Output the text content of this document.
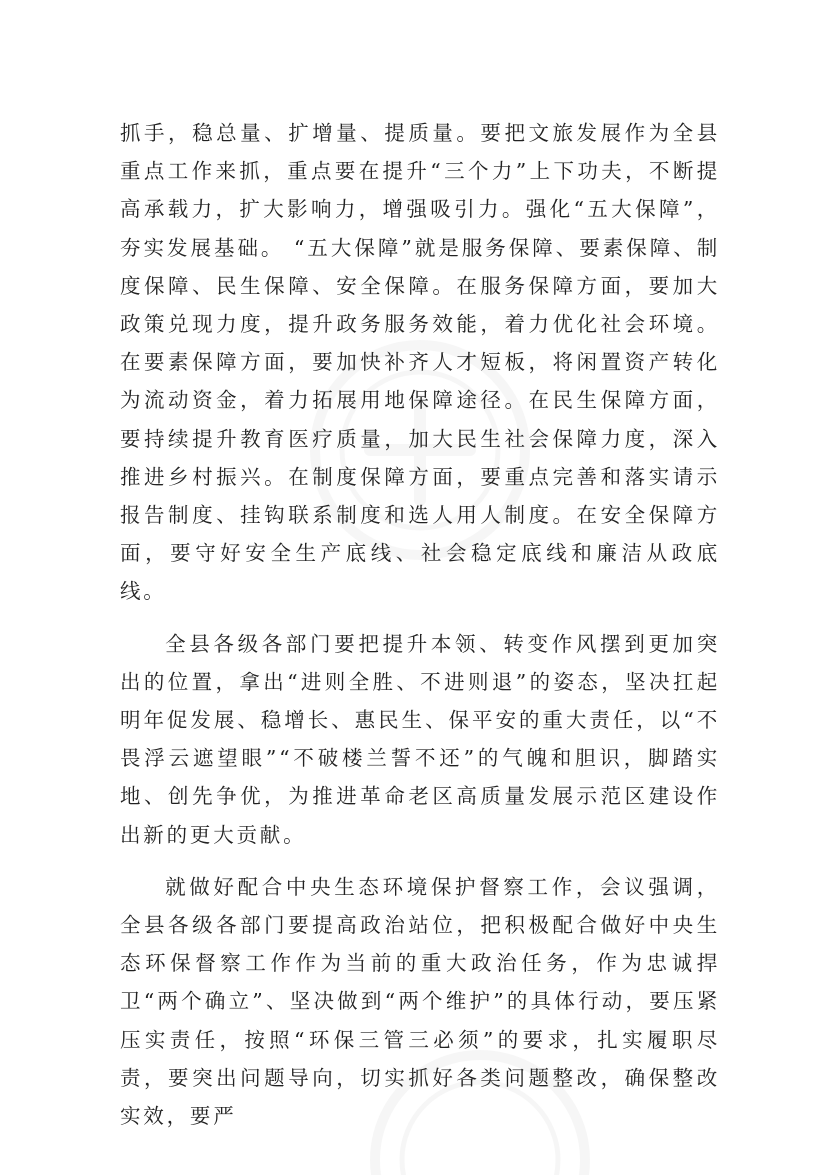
抓手，稳总量、扩增量、提质量。要把文旅发展作为全县重点工作来抓，重点要在提升“三个力”上下功夫，不断提高承载力，扩大影响力，增强吸引力。强化“五大保障”，夯实发展基础。 “五大保障”就是服务保障、要素保障、制度保障、民生保障、安全保障。在服务保障方面，要加大政策兑现力度，提升政务服务效能，着力优化社会环境。在要素保障方面，要加快补齐人才短板，将闲置资产转化为流动资金，着力拓展用地保障途径。在民生保障方面，要持续提升教育医疗质量，加大民生社会保障力度，深入推进乡村振兴。在制度保障方面，要重点完善和落实请示报告制度、挂钩联系制度和选人用人制度。在安全保障方面，要守好安全生产底线、社会稳定底线和廉洁从政底线。

全县各级各部门要把提升本领、转变作风摆到更加突出的位置，拿出“进则全胜、不进则退”的姿态，坚决扛起明年促发展、稳增长、惠民生、保平安的重大责任，以“不畏浮云遮望眼”“不破楼兰誓不还”的气魄和胆识，脚踏实地、创先争优，为推进革命老区高质量发展示范区建设作出新的更大贡献。

就做好配合中央生态环境保护督察工作，会议强调，全县各级各部门要提高政治站位，把积极配合做好中央生态环保督察工作作为当前的重大政治任务，作为忠诚捍卫“两个确立”、坚决做到“两个维护”的具体行动，要压紧压实责任，按照“环保三管三必须”的要求，扎实履职尽责，要突出问题导向，切实抓好各类问题整改，确保整改实效，要严
